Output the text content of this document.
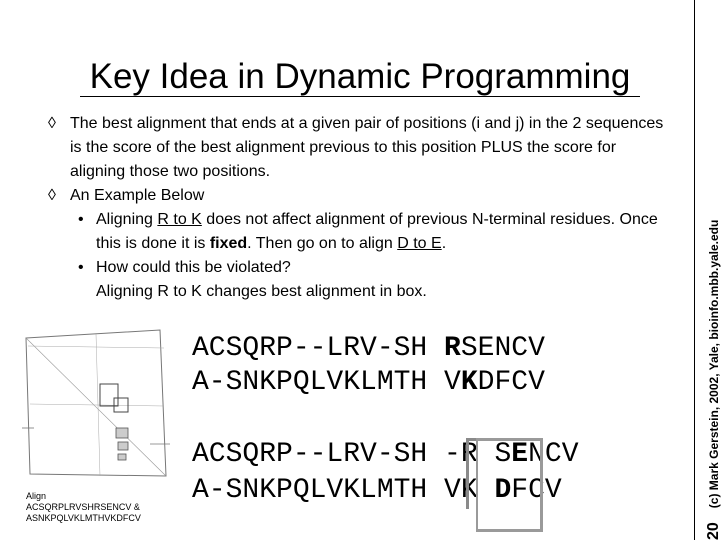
Key Idea in Dynamic Programming

◊ The best alignment that ends at a given pair of positions (i and j) in the 2 sequences is the score of the best alignment previous to this position PLUS the score for aligning those two positions.

◊ An Example Below

• Aligning R to K does not affect alignment of previous N-terminal residues. Once this is done it is fixed. Then go on to align D to E.

• How could this be violated?
Aligning R to K changes best alignment in box.

ACSQRP--LRV-SH RSENCV
A-SNKPQLVKLMTH VKDFCV
ACSQRP--LRV-SH -R SENCV
A-SNKPQLVKLMTH VK DFCV
Align
ACSQRPLRVSHRSENCV &
ASNKPQLVKLMTHVKDFCV
20(c) Mark Gerstein, 2002, Yale, bioinfo.mbb.yale.edu
